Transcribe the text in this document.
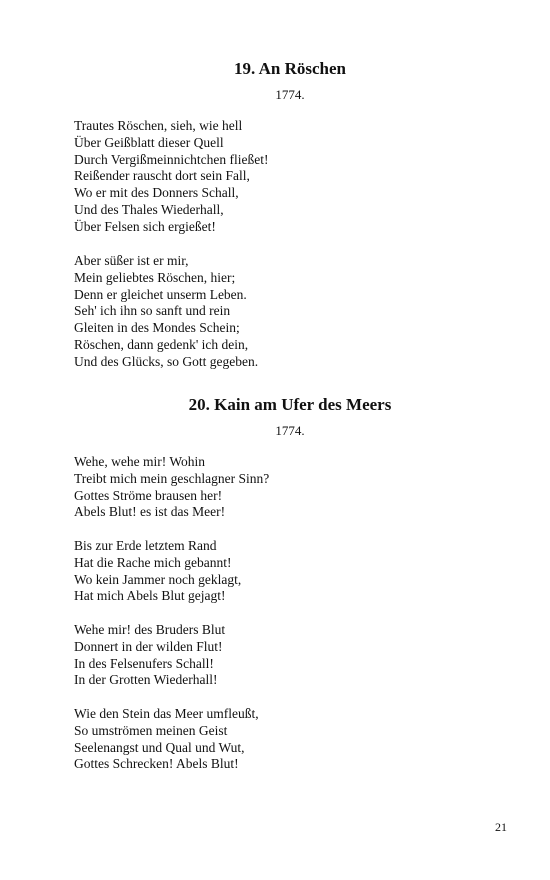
19. An Röschen
1774.
Trautes Röschen, sieh, wie hell
Über Geißblatt dieser Quell
Durch Vergißmeinnichtchen fließet!
Reißender rauscht dort sein Fall,
Wo er mit des Donners Schall,
Und des Thales Wiederhall,
Über Felsen sich ergießet!
Aber süßer ist er mir,
Mein geliebtes Röschen, hier;
Denn er gleichet unserm Leben.
Seh' ich ihn so sanft und rein
Gleiten in des Mondes Schein;
Röschen, dann gedenk' ich dein,
Und des Glücks, so Gott gegeben.
20. Kain am Ufer des Meers
1774.
Wehe, wehe mir! Wohin
Treibt mich mein geschlagner Sinn?
Gottes Ströme brausen her!
Abels Blut! es ist das Meer!
Bis zur Erde letztem Rand
Hat die Rache mich gebannt!
Wo kein Jammer noch geklagt,
Hat mich Abels Blut gejagt!
Wehe mir! des Bruders Blut
Donnert in der wilden Flut!
In des Felsenufers Schall!
In der Grotten Wiederhall!
Wie den Stein das Meer umfleußt,
So umströmen meinen Geist
Seelenangst und Qual und Wut,
Gottes Schrecken! Abels Blut!
21
